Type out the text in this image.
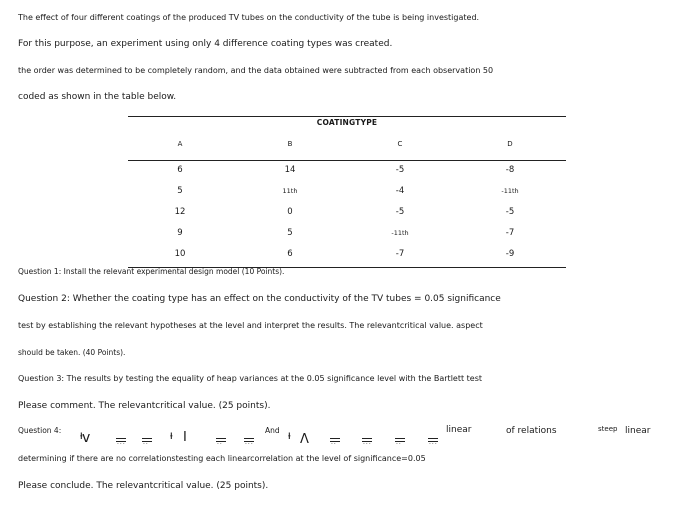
The effect of four different coatings of the produced TV tubes on the conductivity of the tube is being investigated.
For this purpose, an experiment using only 4 difference coating types was created.
the order was determined to be completely random, and the data obtained were subtracted from each observation 50
coded as shown in the table below.
COATINGTYPE
A	B	C	D
6	14	-5	-8
5	11th	-4	-11th
12	0	-5	-5
9	5	-11th	-7
10	6	-7	-9
Question 1: Install the relevant experimental design model (10 Points).
Question 2: Whether the coating type has an effect on the conductivity of the TV tubes = 0.05 significance
test by establishing the relevant hypotheses at the level and interpret the results. The relevantcritical value. aspect
should be taken. (40 Points).
Question 3: The results by testing the equality of heap variances at the 0.05 significance level with the Bartlett test
Please comment. The relevantcritical value. (25 points).
Question 4: ᵼ v	···	··
ᵼ I	··	···
And ᵼ Λ	··	···	··	···
linear	of relations	steep linear
determining if there are no correlationstesting each linearcorrelation at the level of significance=0.05
Please conclude. The relevantcritical value. (25 points).
